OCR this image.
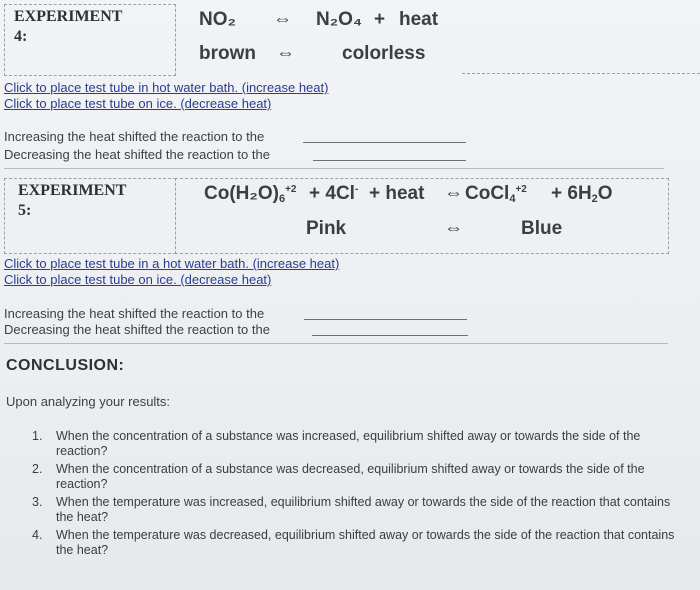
EXPERIMENT
4:
NO₂ ⇔ N₂O₄ + heat
brown ⇔ colorless
Click to place test tube in hot water bath. (increase heat)
Click to place test tube on ice. (decrease heat)
Increasing the heat shifted the reaction to the
Decreasing the heat shifted the reaction to the
EXPERIMENT
5:
$Co(H_2O)_6^{+2} + 4Cl^-$ + heat ⇔ CoCl$_4^{+2}$ + $6H_2O$
Pink	⇔	Blue
Click to place test tube in a hot water bath. (increase heat)
Click to place test tube on ice. (decrease heat)
Increasing the heat shifted the reaction to the
Decreasing the heat shifted the reaction to the
CONCLUSION:
Upon analyzing your results:
1. When the concentration of a substance was increased, equilibrium shifted away or towards the side of the reaction?
2. When the concentration of a substance was decreased, equilibrium shifted away or towards the side of the reaction?
3. When the temperature was increased, equilibrium shifted away or towards the side of the reaction that contains the heat?
4. When the temperature was decreased, equilibrium shifted away or towards the side of the reaction that contains the heat?
